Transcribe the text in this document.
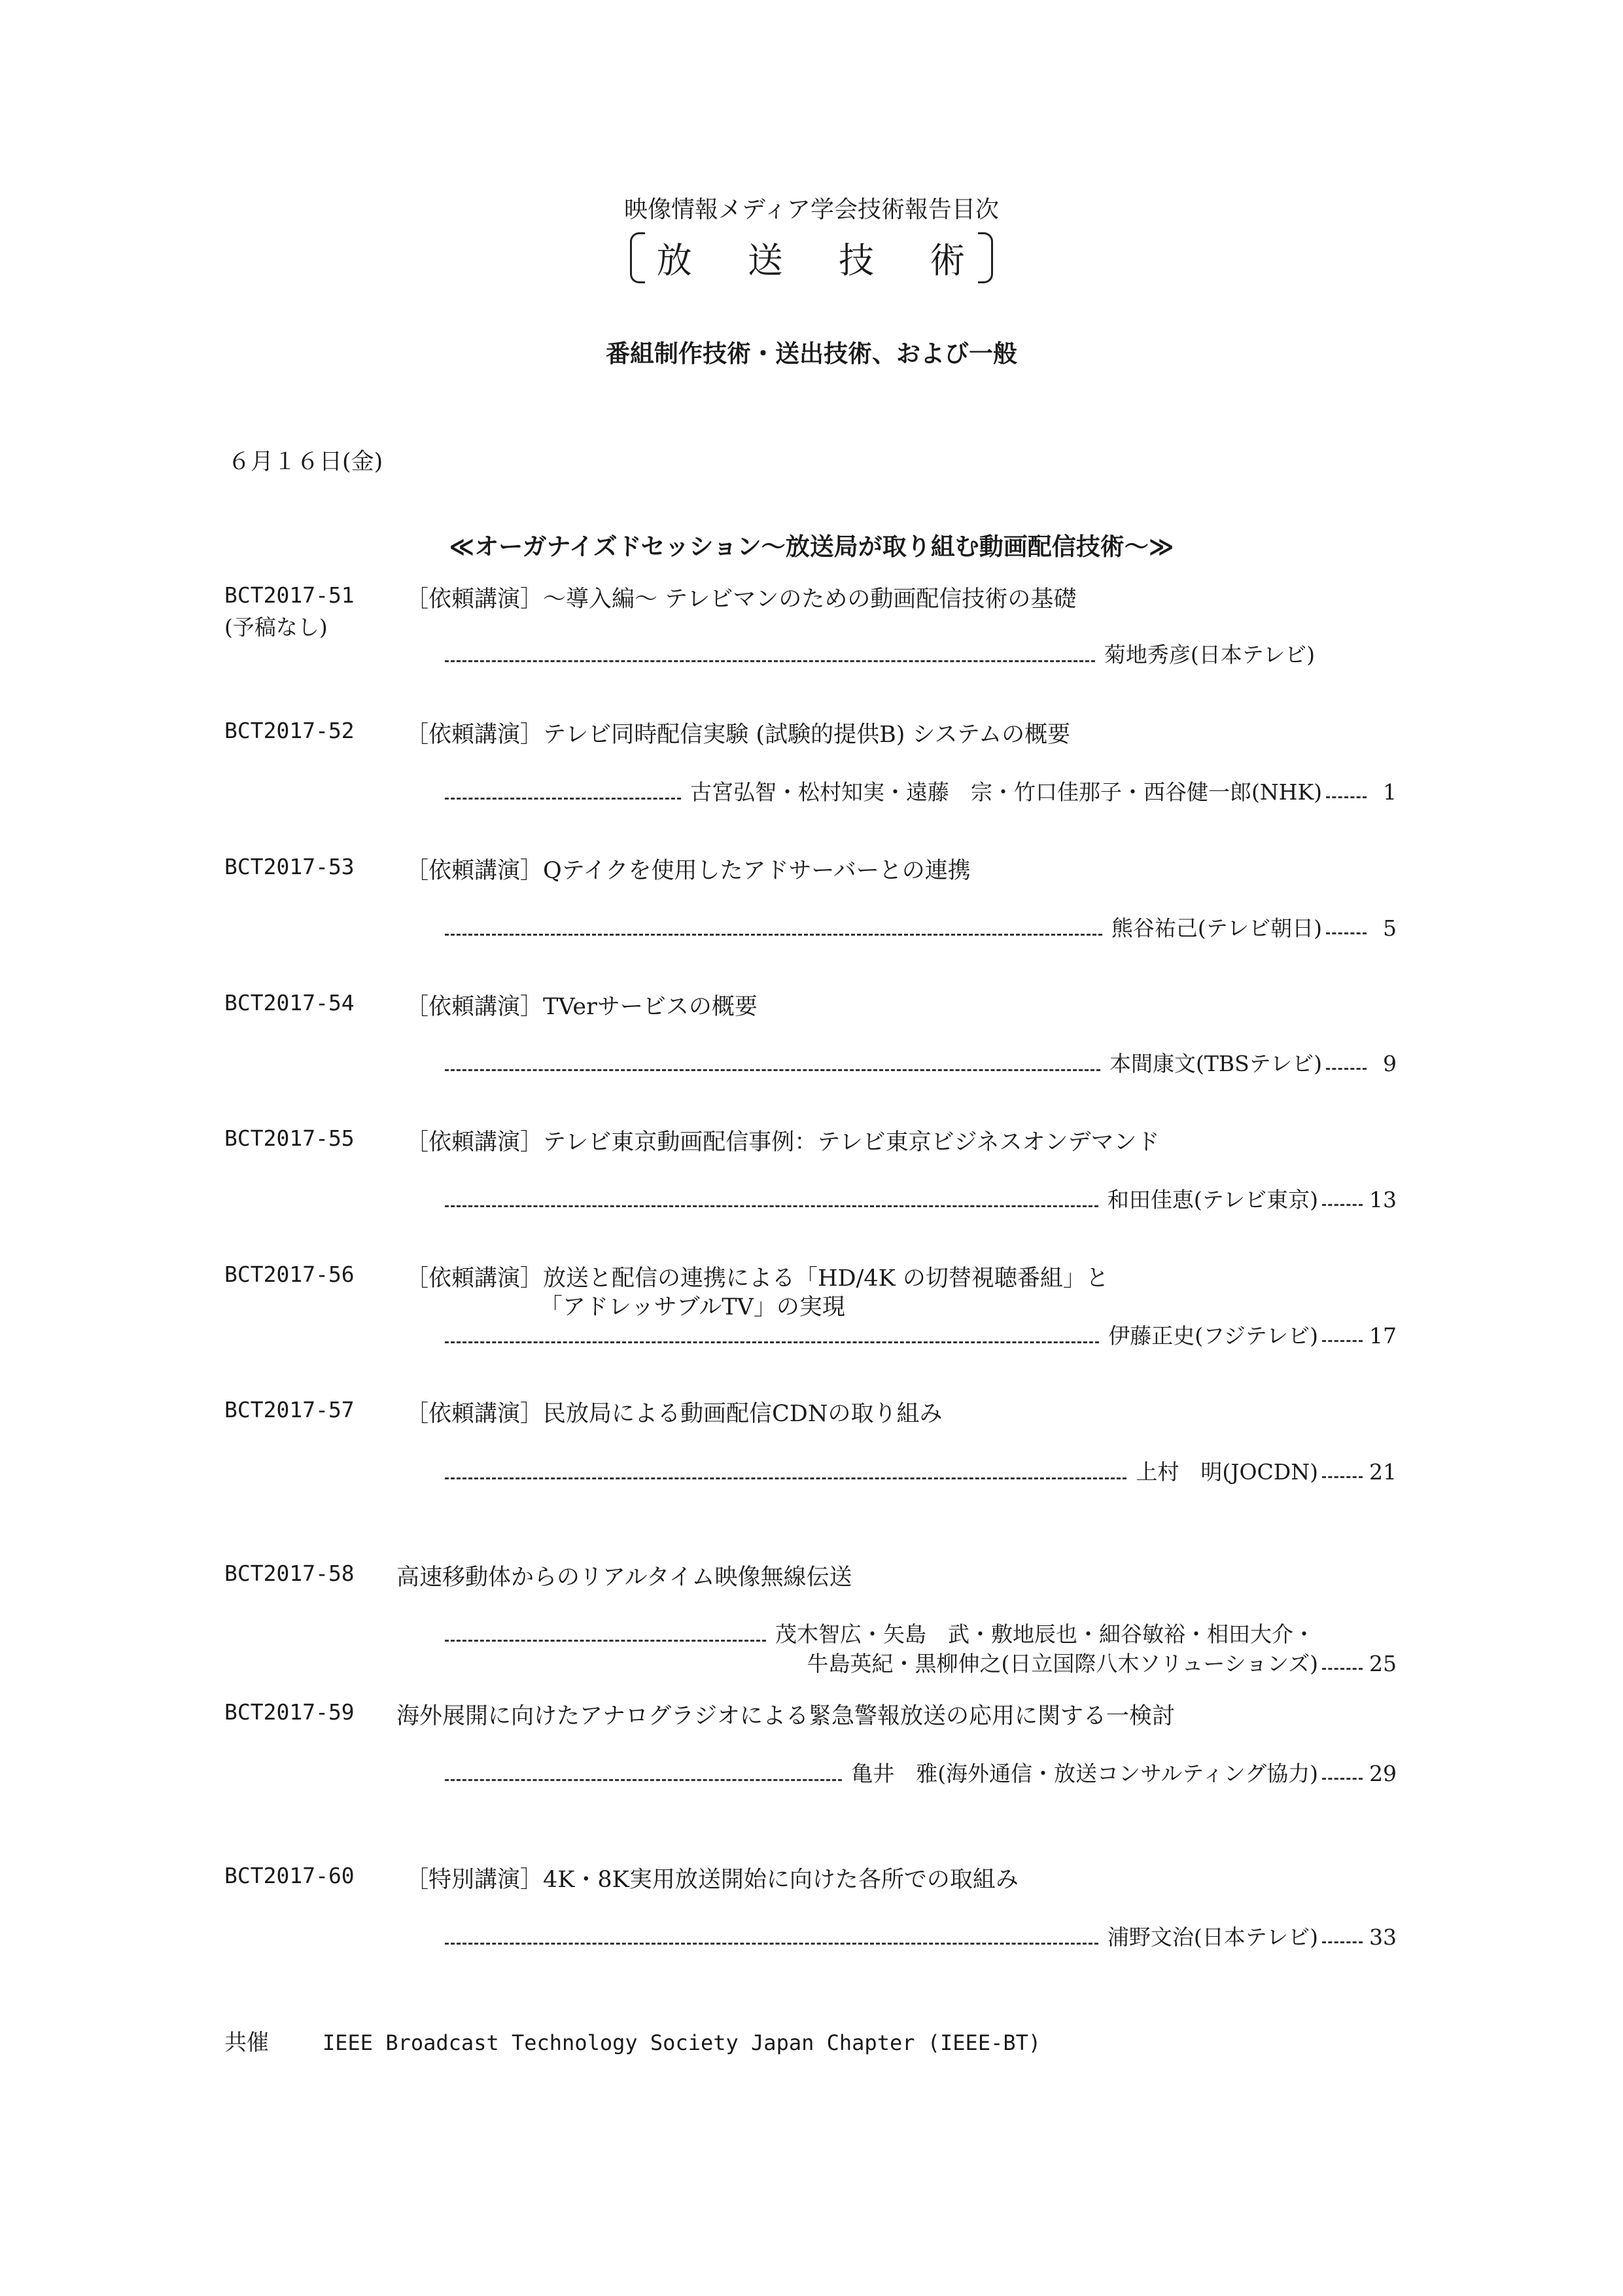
映像情報メディア学会技術報告目次
放 送 技 術
番組制作技術・送出技術、および一般
６月１６日(金)
≪オーガナイズドセッション～放送局が取り組む動画配信技術～≫
BCT2017-51
(予稿なし)
［依頼講演］～導入編～ テレビマンのための動画配信技術の基礎
菊地秀彦(日本テレビ)
BCT2017-52 ［依頼講演］テレビ同時配信実験 (試験的提供B) システムの概要
古宮弘智・松村知実・遠藤　宗・竹口佳那子・西谷健一郎(NHK)	1
BCT2017-53 ［依頼講演］Qテイクを使用したアドサーバーとの連携
熊谷祐己(テレビ朝日)	5
BCT2017-54 ［依頼講演］TVerサービスの概要
本間康文(TBSテレビ)	9
BCT2017-55 ［依頼講演］テレビ東京動画配信事例：テレビ東京ビジネスオンデマンド
和田佳恵(テレビ東京) 13
BCT2017-56 ［依頼講演］放送と配信の連携による「HD/4K の切替視聴番組」と
「アドレッサブルTV」の実現
伊藤正史(フジテレビ) 17
BCT2017-57 ［依頼講演］民放局による動画配信CDNの取り組み
上村　明(JOCDN) 21
BCT2017-58 高速移動体からのリアルタイム映像無線伝送
茂木智広・矢島　武・敷地辰也・細谷敏裕・相田大介・
牛島英紀・黒柳伸之(日立国際八木ソリューションズ) 25
BCT2017-59 海外展開に向けたアナログラジオによる緊急警報放送の応用に関する一検討
亀井　雅(海外通信・放送コンサルティング協力) 29
BCT2017-60 ［特別講演］4K・8K実用放送開始に向けた各所での取組み
浦野文治(日本テレビ) 33
共催	IEEE Broadcast Technology Society Japan Chapter (IEEE-BT)
